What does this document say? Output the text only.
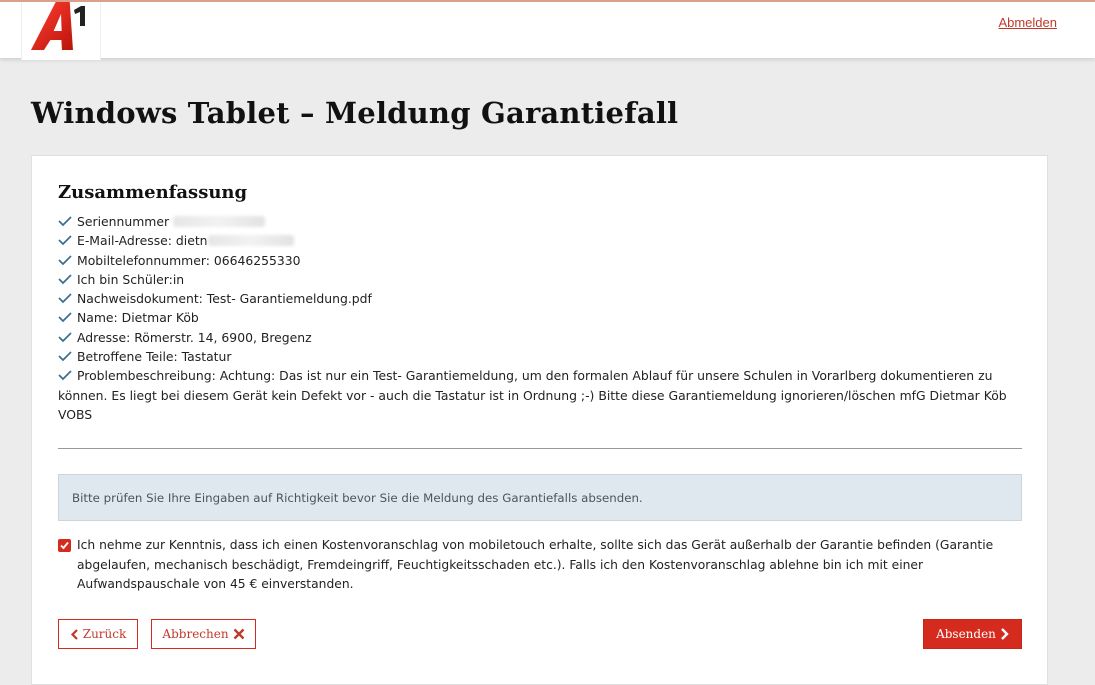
Abmelden
Windows Tablet – Meldung Garantiefall
Zusammenfassung
Seriennummer
E-Mail-Adresse: dietn
Mobiltelefonnummer: 06646255330
Ich bin Schüler:in
Nachweisdokument: Test- Garantiemeldung.pdf
Name: Dietmar Köb
Adresse: Römerstr. 14, 6900, Bregenz
Betroffene Teile: Tastatur
Problembeschreibung: Achtung: Das ist nur ein Test- Garantiemeldung, um den formalen Ablauf für unsere Schulen in Vorarlberg dokumentieren zu können. Es liegt bei diesem Gerät kein Defekt vor - auch die Tastatur ist in Ordnung ;-) Bitte diese Garantiemeldung ignorieren/löschen mfG Dietmar Köb VOBS
Bitte prüfen Sie Ihre Eingaben auf Richtigkeit bevor Sie die Meldung des Garantiefalls absenden.
Ich nehme zur Kenntnis, dass ich einen Kostenvoranschlag von mobiletouch erhalte, sollte sich das Gerät außerhalb der Garantie befinden (Garantie abgelaufen, mechanisch beschädigt, Fremdeingriff, Feuchtigkeitsschaden etc.). Falls ich den Kostenvoranschlag ablehne bin ich mit einer Aufwandspauschale von 45 € einverstanden.
Zurück	Abbrechen	Absenden
